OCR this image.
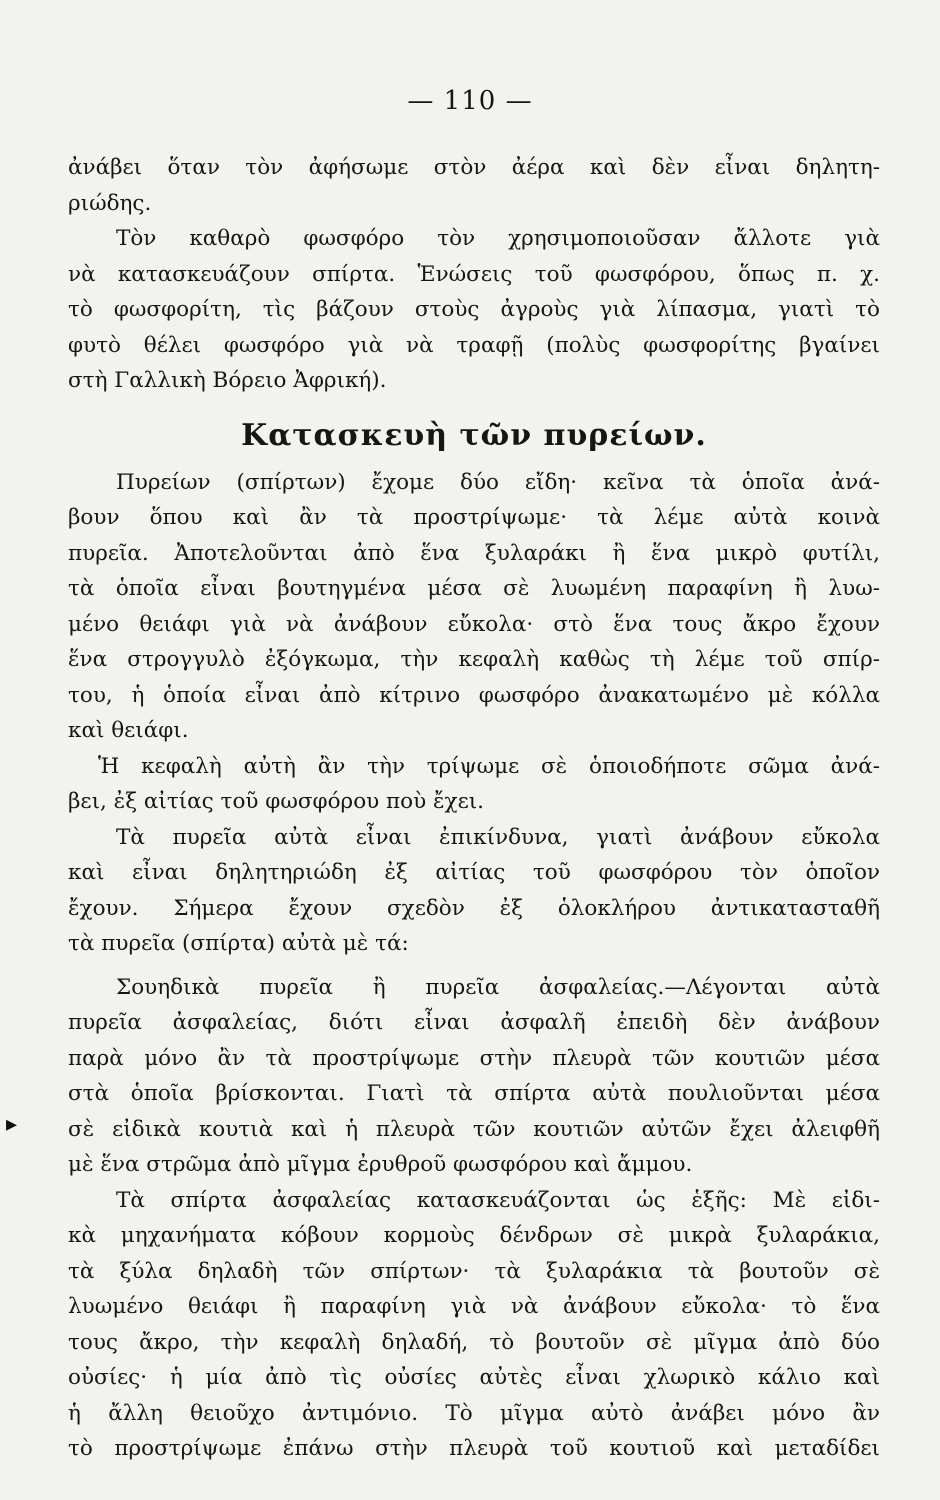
— 110 —
▸
ἀνάβει ὅταν τὸν ἀφήσωμε στὸν ἀέρα καὶ δὲν εἶναι δηλητη-
ριώδης.
Τὸν καθαρὸ φωσφόρο τὸν χρησιμοποιοῦσαν ἄλλοτε γιὰ
νὰ κατασκευάζουν σπίρτα. Ἑνώσεις τοῦ φωσφόρου, ὅπως π. χ.
τὸ φωσφορίτη, τὶς βάζουν στοὺς ἀγροὺς γιὰ λίπασμα, γιατὶ τὸ
φυτὸ θέλει φωσφόρο γιὰ νὰ τραφῇ (πολὺς φωσφορίτης βγαίνει
στὴ Γαλλικὴ Βόρειο Ἀφρική).
Κατασκευὴ τῶν πυρείων.
Πυρείων (σπίρτων) ἔχομε δύο εἴδη· κεῖνα τὰ ὁποῖα ἀνά-
βουν ὅπου καὶ ἂν τὰ προστρίψωμε· τὰ λέμε αὐτὰ κοινὰ
πυρεῖα. Ἀποτελοῦνται ἀπὸ ἕνα ξυλαράκι ἢ ἕνα μικρὸ φυτίλι,
τὰ ὁποῖα εἶναι βουτηγμένα μέσα σὲ λυωμένη παραφίνη ἢ λυω-
μένο θειάφι γιὰ νὰ ἀνάβουν εὔκολα· στὸ ἕνα τους ἄκρο ἔχουν
ἕνα στρογγυλὸ ἐξόγκωμα, τὴν κεφαλὴ καθὼς τὴ λέμε τοῦ σπίρ-
του, ἡ ὁποία εἶναι ἀπὸ κίτρινο φωσφόρο ἀνακατωμένο μὲ κόλλα
καὶ θειάφι.
Ἡ κεφαλὴ αὐτὴ ἂν τὴν τρίψωμε σὲ ὁποιοδήποτε σῶμα ἀνά-
βει, ἐξ αἰτίας τοῦ φωσφόρου ποὺ ἔχει.
Τὰ πυρεῖα αὐτὰ εἶναι ἐπικίνδυνα, γιατὶ ἀνάβουν εὔκολα
καὶ εἶναι δηλητηριώδη ἐξ αἰτίας τοῦ φωσφόρου τὸν ὁποῖον
ἔχουν. Σήμερα ἔχουν σχεδὸν ἐξ ὁλοκλήρου ἀντικατασταθῆ
τὰ πυρεῖα (σπίρτα) αὐτὰ μὲ τά:
Σουηδικὰ πυρεῖα ἢ πυρεῖα ἀσφαλείας.—Λέγονται αὐτὰ
πυρεῖα ἀσφαλείας, διότι εἶναι ἀσφαλῆ ἐπειδὴ δὲν ἀνάβουν
παρὰ μόνο ἂν τὰ προστρίψωμε στὴν πλευρὰ τῶν κουτιῶν μέσα
στὰ ὁποῖα βρίσκονται. Γιατὶ τὰ σπίρτα αὐτὰ πουλιοῦνται μέσα
σὲ εἰδικὰ κουτιὰ καὶ ἡ πλευρὰ τῶν κουτιῶν αὐτῶν ἔχει ἀλειφθῆ
μὲ ἕνα στρῶμα ἀπὸ μῖγμα ἐρυθροῦ φωσφόρου καὶ ἄμμου.
Τὰ σπίρτα ἀσφαλείας κατασκευάζονται ὡς ἑξῆς: Μὲ εἰδι-
κὰ μηχανήματα κόβουν κορμοὺς δένδρων σὲ μικρὰ ξυλαράκια,
τὰ ξύλα δηλαδὴ τῶν σπίρτων· τὰ ξυλαράκια τὰ βουτοῦν σὲ
λυωμένο θειάφι ἢ παραφίνη γιὰ νὰ ἀνάβουν εὔκολα· τὸ ἕνα
τους ἄκρο, τὴν κεφαλὴ δηλαδή, τὸ βουτοῦν σὲ μῖγμα ἀπὸ δύο
οὐσίες· ἡ μία ἀπὸ τὶς οὐσίες αὐτὲς εἶναι χλωρικὸ κάλιο καὶ
ἡ ἄλλη θειοῦχο ἀντιμόνιο. Τὸ μῖγμα αὐτὸ ἀνάβει μόνο ἂν
τὸ προστρίψωμε ἐπάνω στὴν πλευρὰ τοῦ κουτιοῦ καὶ μεταδίδει
